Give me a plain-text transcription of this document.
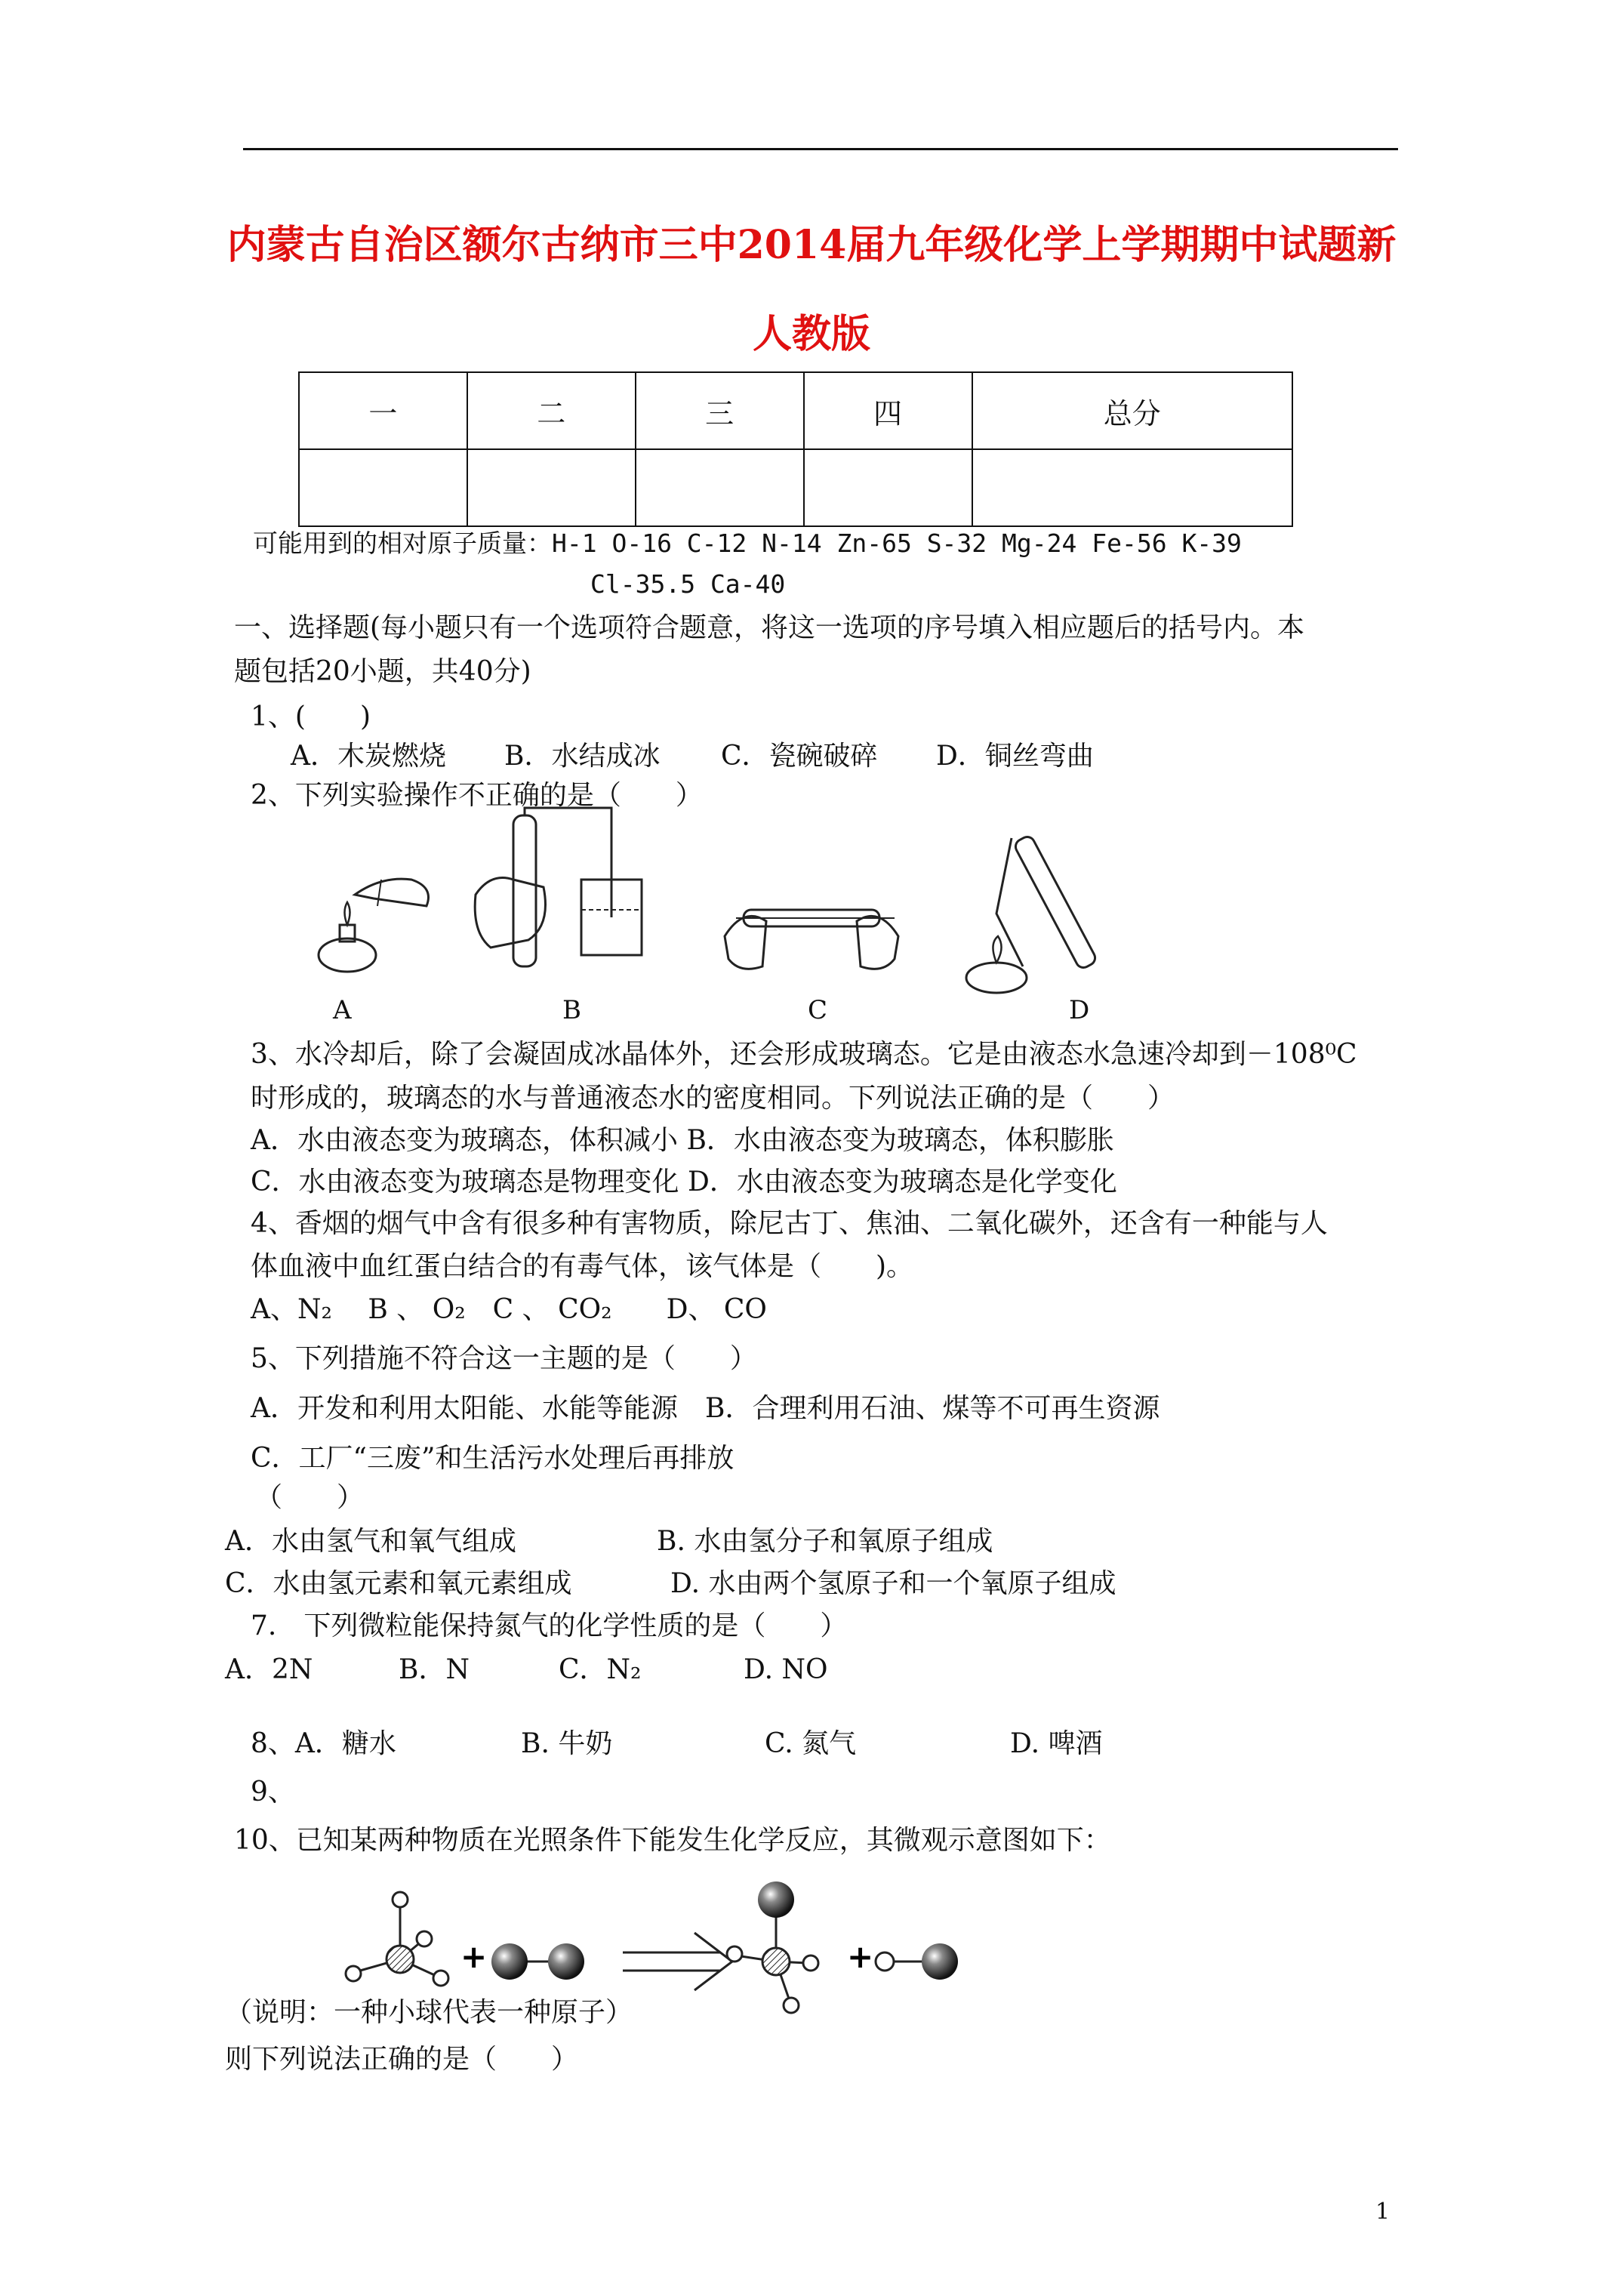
内蒙古自治区额尔古纳市三中2014届九年级化学上学期期中试题新
人教版
一	二	三	四	总分

可能用到的相对原子质量：H-1 O-16 C-12 N-14 Zn-65 S-32 Mg-24 Fe-56 K-39
Cl-35.5 Ca-40
一、选择题(每小题只有一个选项符合题意，将这一选项的序号填入相应题后的括号内。本
题包括20小题，共40分)
1、(　　)
A．木炭燃烧 B．水结成冰 C．瓷碗破碎 D．铜丝弯曲
2、下列实验操作不正确的是（　　）
A	B	C	D
3、水冷却后，除了会凝固成冰晶体外，还会形成玻璃态。它是由液态水急速冷却到－108⁰C
时形成的，玻璃态的水与普通液态水的密度相同。下列说法正确的是（　　）
A．水由液态变为玻璃态，体积减小 B．水由液态变为玻璃态，体积膨胀
C．水由液态变为玻璃态是物理变化 D．水由液态变为玻璃态是化学变化
4、香烟的烟气中含有很多种有害物质，除尼古丁、焦油、二氧化碳外，还含有一种能与人
体血液中血红蛋白结合的有毒气体，该气体是（　　)。
A、N₂　 B 、 O₂　C 、 CO₂　　D、 CO
5、下列措施不符合这一主题的是（　　）
A．开发和利用太阳能、水能等能源　B．合理利用石油、煤等不可再生资源
C．工厂“三废”和生活污水处理后再排放
（　　）
A．水由氢气和氧气组成	B. 水由氢分子和氧原子组成
C．水由氢元素和氧元素组成	D. 水由两个氢原子和一个氧原子组成
7.　下列微粒能保持氮气的化学性质的是（　　）
A．2N	B．N	C．N₂	D. NO
8、A．糖水	B. 牛奶	C. 氮气	D. 啤酒
9、
10、已知某两种物质在光照条件下能发生化学反应，其微观示意图如下：
+	+
（说明：一种小球代表一种原子）
则下列说法正确的是（　　）
1
